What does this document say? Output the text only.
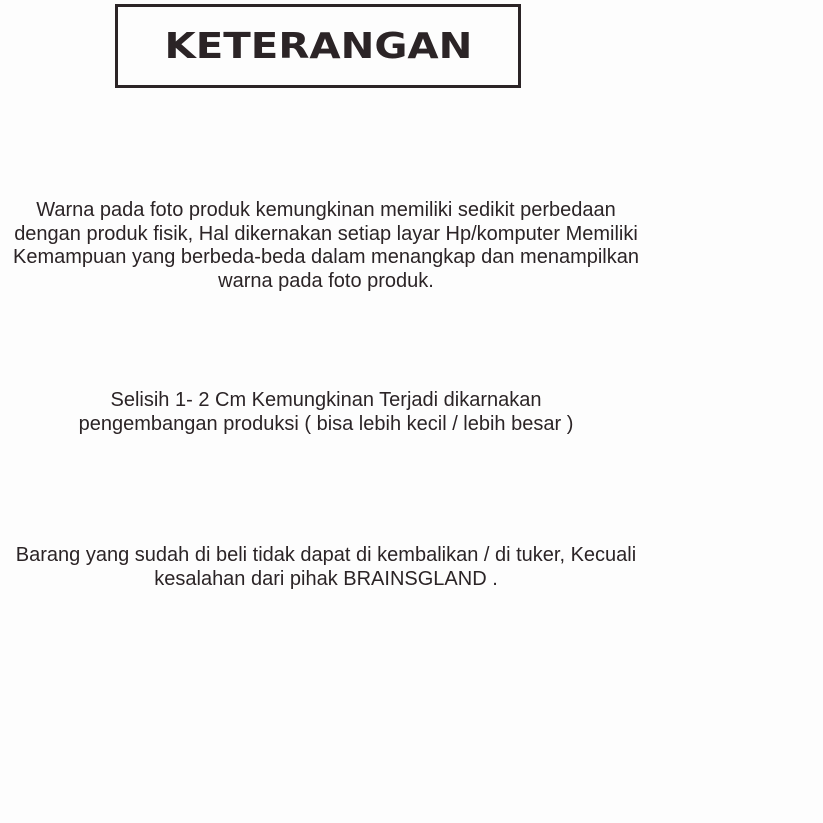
KETERANGAN
Warna pada foto produk kemungkinan memiliki sedikit perbedaan
dengan produk fisik, Hal dikernakan setiap layar Hp/komputer Memiliki
Kemampuan yang berbeda-beda dalam menangkap dan menampilkan
warna pada foto produk.
Selisih 1- 2 Cm Kemungkinan Terjadi dikarnakan
pengembangan produksi ( bisa lebih kecil / lebih besar )
Barang yang sudah di beli tidak dapat di kembalikan / di tuker, Kecuali
kesalahan dari pihak BRAINSGLAND .
